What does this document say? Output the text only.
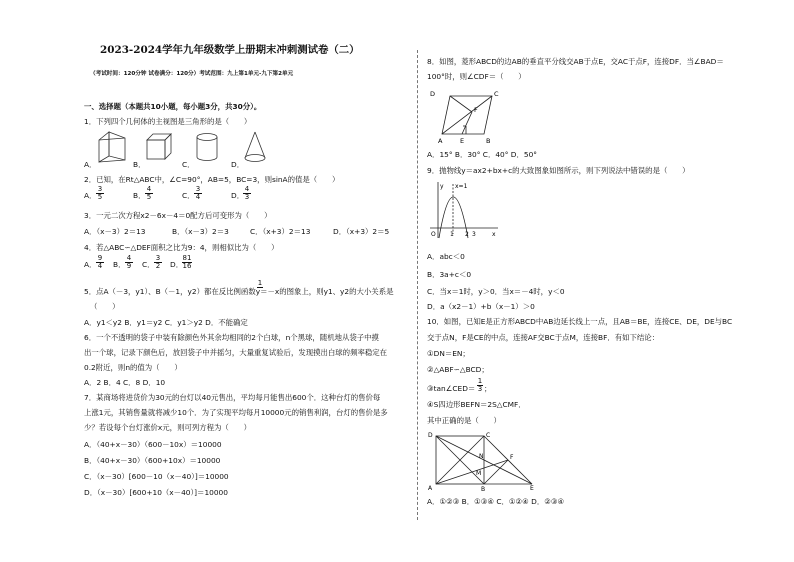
2023-2024学年九年级数学上册期末冲刺测试卷（二）
（考试时间：120分钟 试卷满分：120分）考试范围：九上第1单元-九下第2单元
一、选择题（本题共10小题，每小题3分，共30分）。
1．下列四个几何体的主视图是三角形的是（　　）
A．	B．	C．	D．
2．已知，在Rt△ABC中，∠C=90°，AB=5，BC=3，则sinA的值是（　　）
A． $\frac{3}{5}$	B． $\frac{4}{5}$	C． $\frac{3}{4}$	D．
$\frac{4}{3}$
3．一元二次方程x2－6x－4＝0配方后可变形为（　　）
A．（x－3）2＝13	B．（x－3）2＝3	C．（x+3）2＝13	D．（x+3）2＝5
4．若△ABC∽△DEF面积之比为9：4，则相似比为（　　）
A． $\frac{9}{4}$ B． $\frac{4}{9}$ C． $\frac{3}{2}$ D．
$\frac{81}{16}$
1
5．点A（－3，y1）、B（－1，y2）都在反比例函数y＝－x的图象上，则y1、y2的大小关系是
（　　）
A．y1＜y2 B．y1＝y2 C．y1＞y2 D．不能确定
6．一个不透明的袋子中装有除颜色外其余均相同的2个白球，n个黑球，随机地从袋子中摸
出一个球，记录下颜色后，放回袋子中并摇匀，大量重复试验后，发现摸出白球的频率稳定在
0.2附近，则n的值为（　　）
A．2 B．4 C．8 D．10
7．某商场将进货价为30元的台灯以40元售出，平均每月能售出600个．这种台灯的售价每
上涨1元，其销售量就将减少10个．为了实现平均每月10000元的销售利润，台灯的售价是多
少？若设每个台灯涨价x元，则可列方程为（　　）
A．（40+x－30）（600－10x）＝10000
B．（40+x－30）（600+10x）＝10000
C．（x－30）[600－10（x－40）]＝10000
D．（x－30）[600+10（x－40）]＝10000
8．如图，菱形ABCD的边AB的垂直平分线交AB于点E，交AC于点F，连接DF．当∠BAD＝
100°时，则∠CDF＝（　　）
D	C
F
A	E	B
A．15° B．30° C．40° D．50°
9．抛物线y＝ax2+bx+c的大致图象如图所示，则下列说法中错误的是（　　）
y x=1
O 1 2 3	x
A．abc＜0
B．3a+c＜0
C．当x＝1时，y＞0．当x＝－4时，y＜0
D．a（x2－1）+b（x－1）＞0
10．如图，已知E是正方形ABCD中AB边延长线上一点，且AB＝BE，连接CE、DE，DE与BC
交于点N，F是CE的中点，连接AF交BC于点M，连接BF．有如下结论：
①DN＝EN；
②△ABF∽△BCD；
③tan∠CED＝ $\frac{1}{3}$ ；
④S四边形BEFN＝2S△CMF．
其中正确的是（　　）
D	C
N	F
M
A	B	E
A．①②③ B．①③④ C．①②④ D．②③④
